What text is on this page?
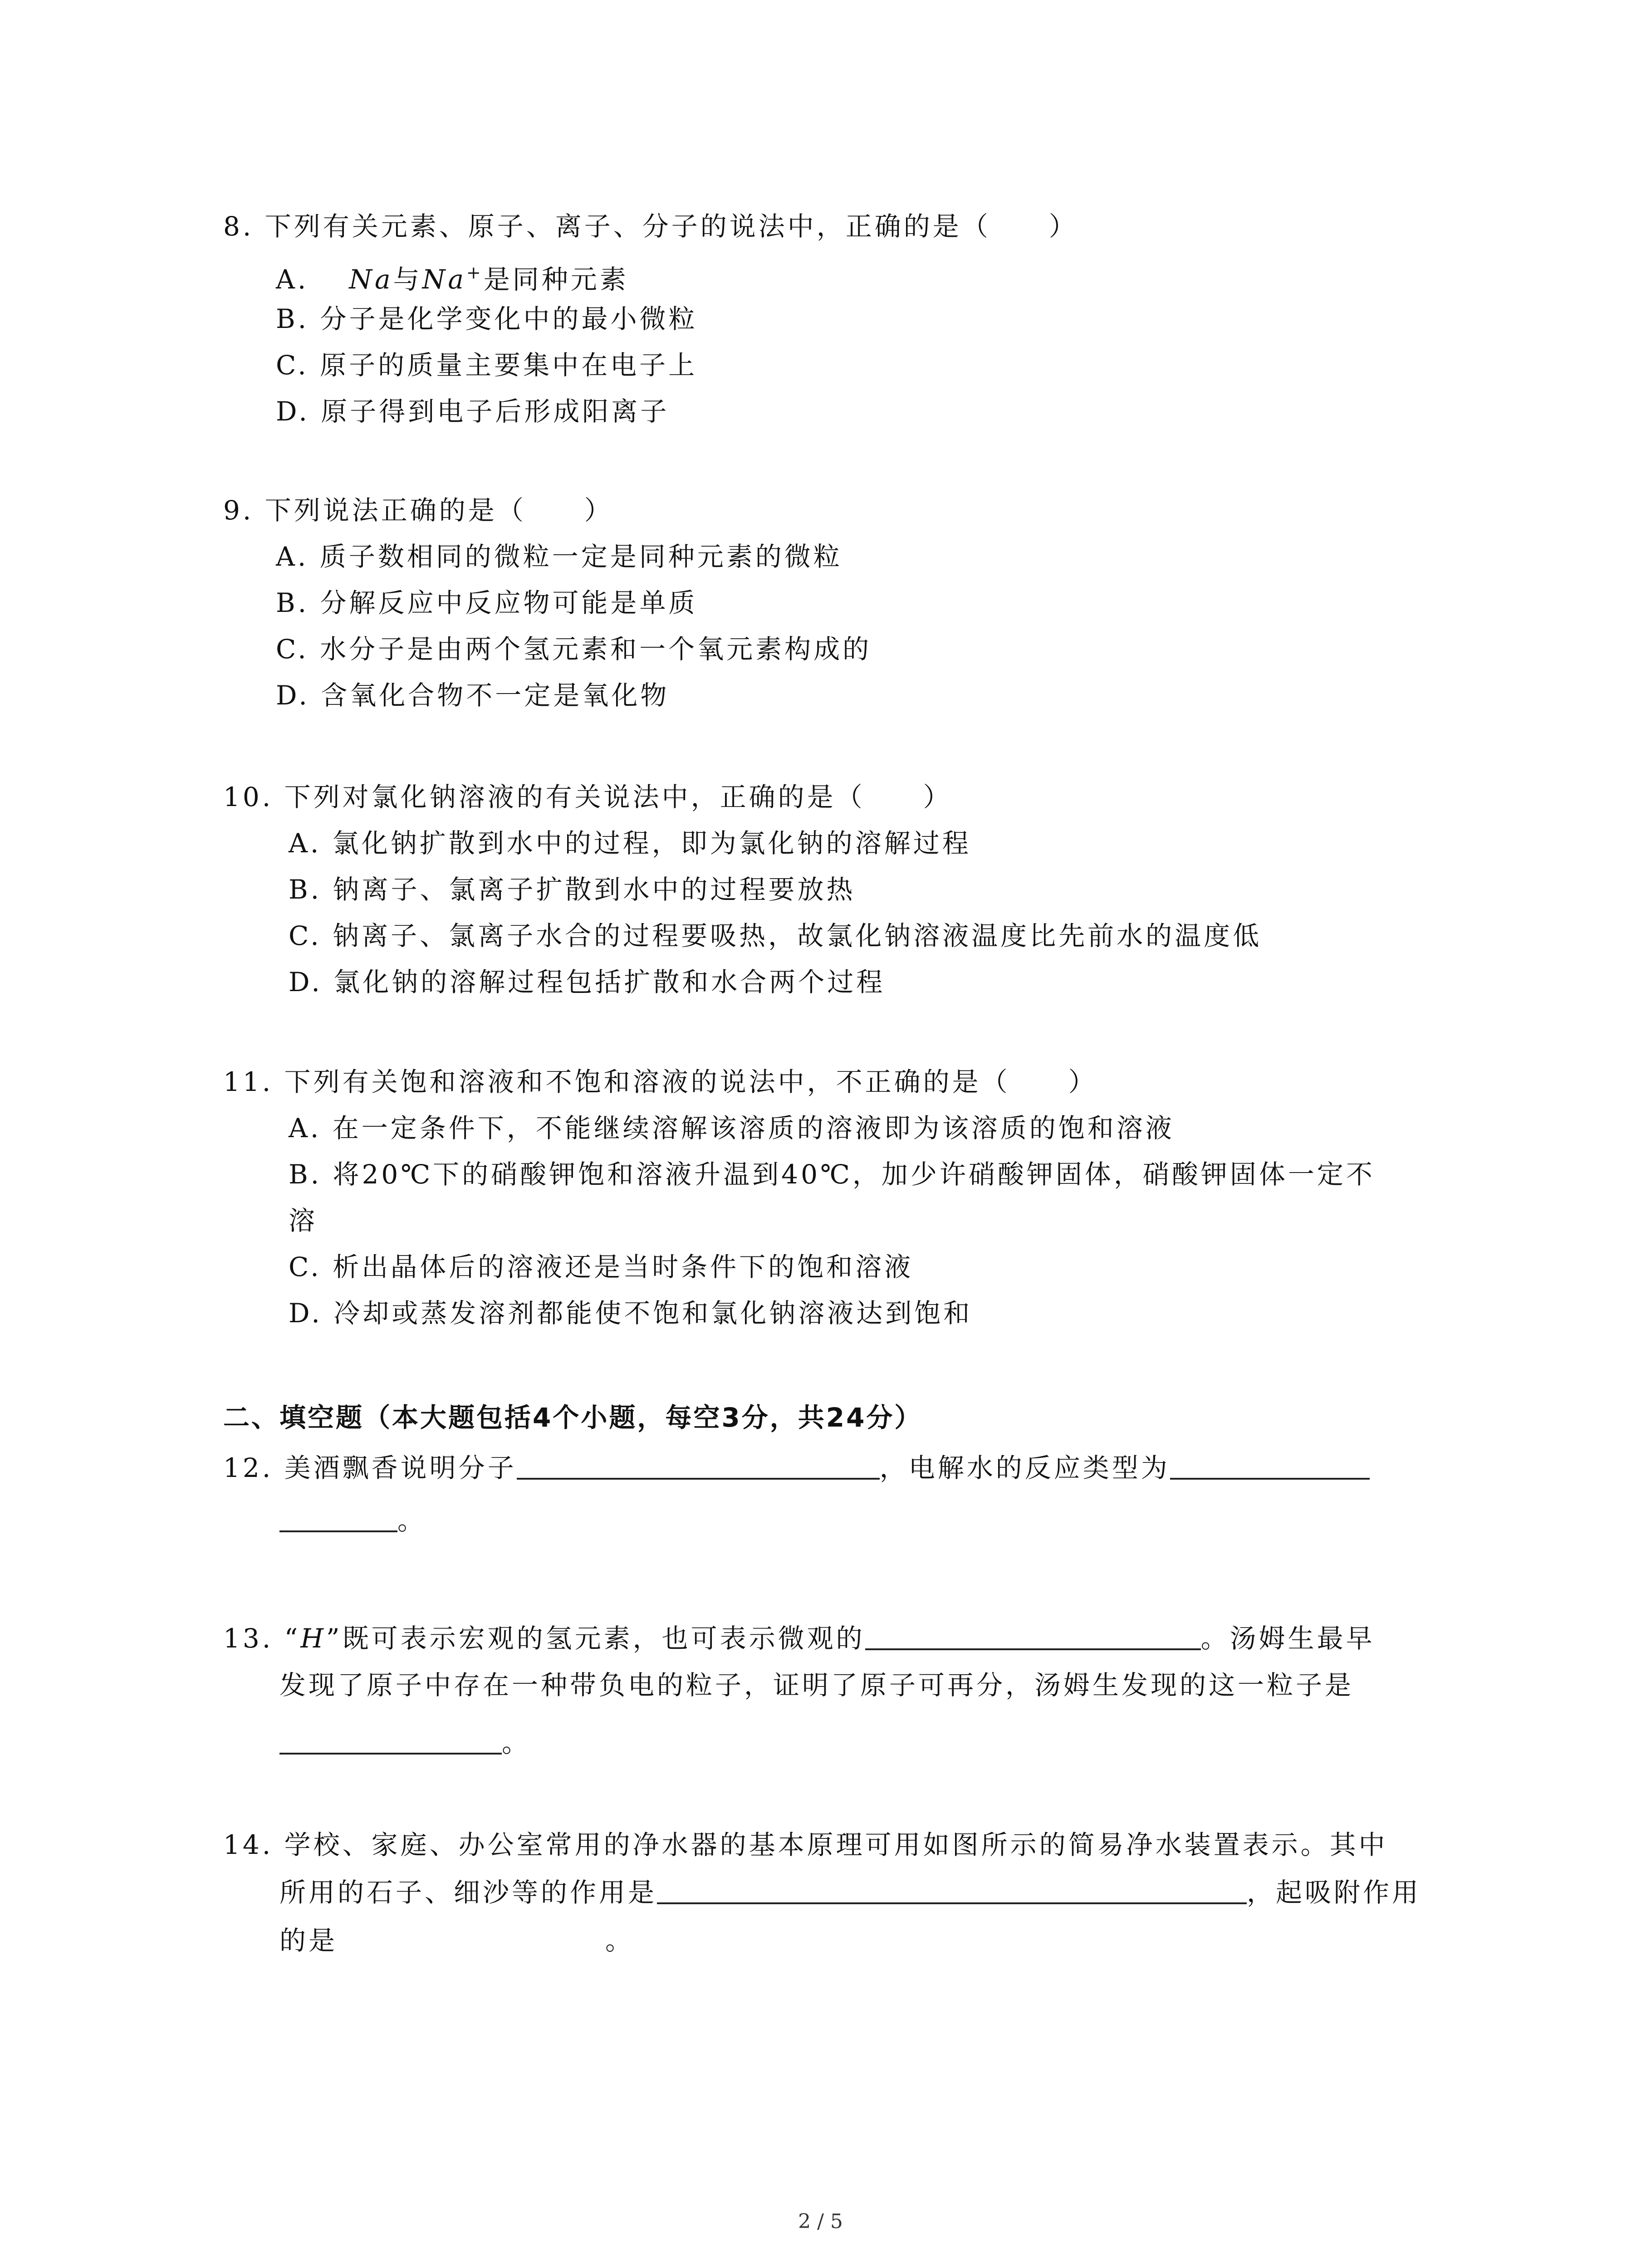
8. 下列有关元素、原子、离子、分子的说法中，正确的是（　　）
A. Na与Na+是同种元素
B. 分子是化学变化中的最小微粒
C. 原子的质量主要集中在电子上
D. 原子得到电子后形成阳离子
9. 下列说法正确的是（　　）
A. 质子数相同的微粒一定是同种元素的微粒
B. 分解反应中反应物可能是单质
C. 水分子是由两个氢元素和一个氧元素构成的
D. 含氧化合物不一定是氧化物
10. 下列对氯化钠溶液的有关说法中，正确的是（　　）
A. 氯化钠扩散到水中的过程，即为氯化钠的溶解过程
B. 钠离子、氯离子扩散到水中的过程要放热
C. 钠离子、氯离子水合的过程要吸热，故氯化钠溶液温度比先前水的温度低
D. 氯化钠的溶解过程包括扩散和水合两个过程
11. 下列有关饱和溶液和不饱和溶液的说法中，不正确的是（　　）
A. 在一定条件下，不能继续溶解该溶质的溶液即为该溶质的饱和溶液
B. 将20℃下的硝酸钾饱和溶液升温到40℃，加少许硝酸钾固体，硝酸钾固体一定不
溶
C. 析出晶体后的溶液还是当时条件下的饱和溶液
D. 冷却或蒸发溶剂都能使不饱和氯化钠溶液达到饱和
二、填空题（本大题包括4个小题，每空3分，共24分）
12. 美酒飘香说明分子	，电解水的反应类型为
。
13. “H”既可表示宏观的氢元素，也可表示微观的	。汤姆生最早
发现了原子中存在一种带负电的粒子，证明了原子可再分，汤姆生发现的这一粒子是
。
14. 学校、家庭、办公室常用的净水器的基本原理可用如图所示的简易净水装置表示。其中
所用的石子、细沙等的作用是	，起吸附作用
的是	。
2 / 5
